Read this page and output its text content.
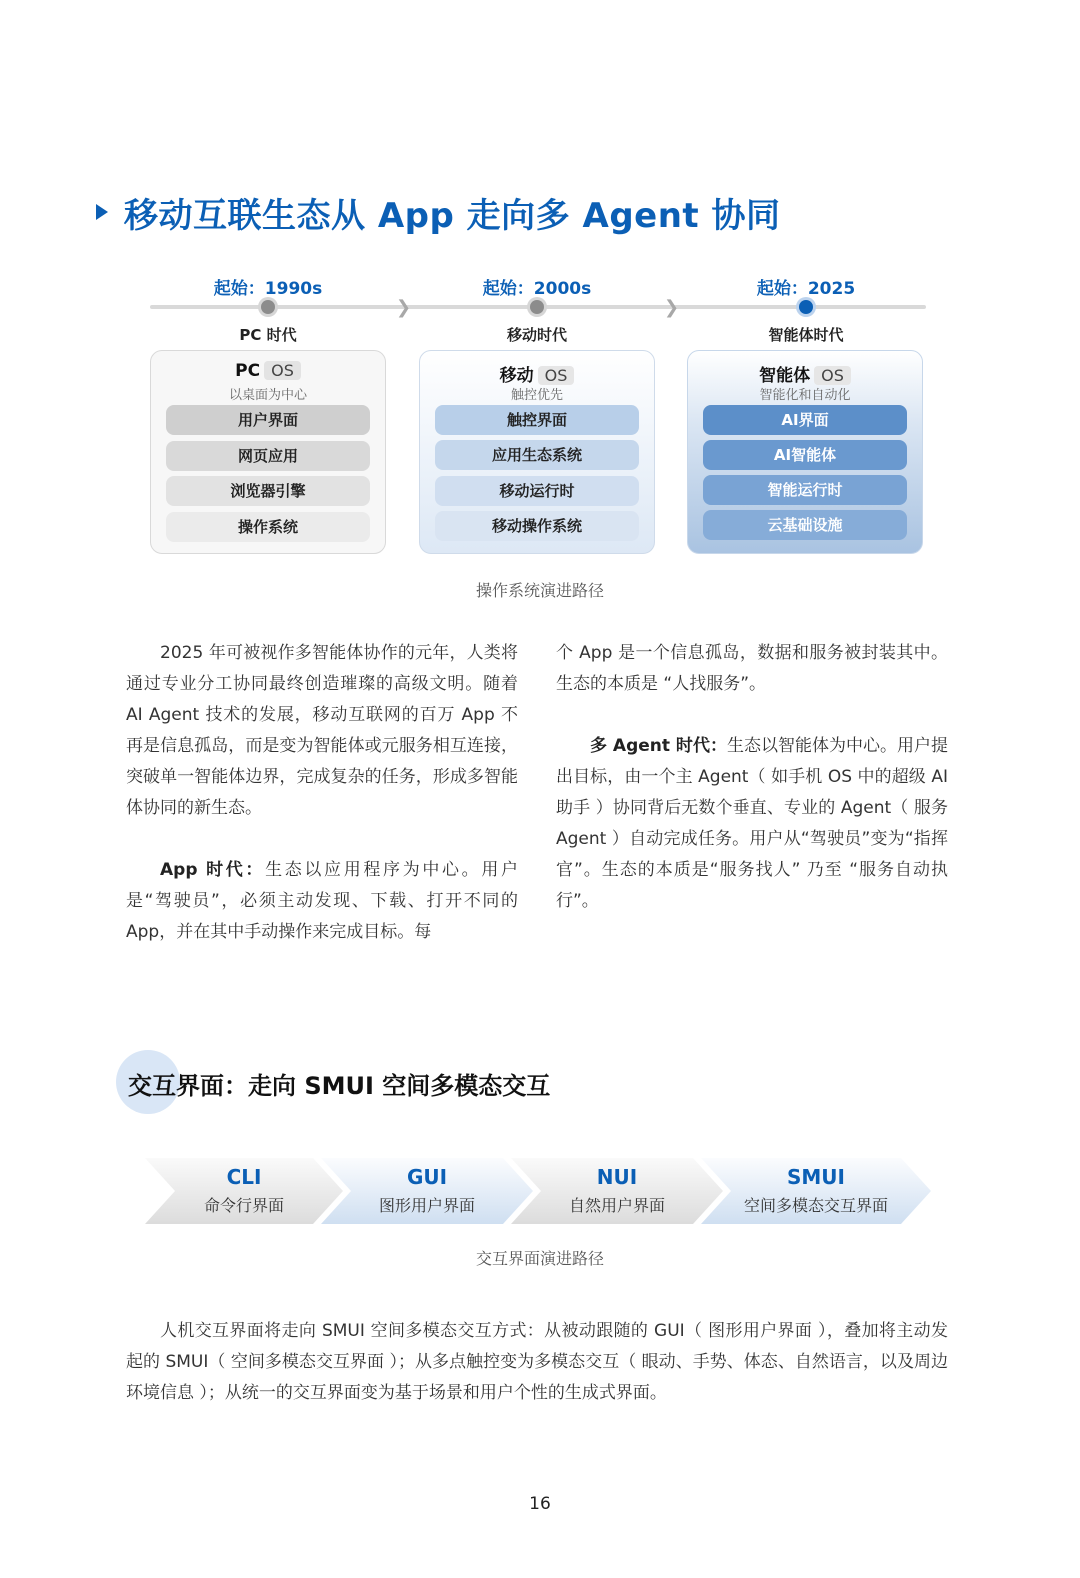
移动互联生态从 App 走向多 Agent 协同
起始：1990s	起始：2000s	起始：2025
❯	❯
PC 时代	移动时代	智能体时代
PC OS
以桌面为中心
用户界面
网页应用
浏览器引擎
操作系统
移动 OS
触控优先
触控界面
应用生态系统
移动运行时
移动操作系统
智能体 OS
智能化和自动化
AI界面
AI智能体
智能运行时
云基础设施
操作系统演进路径

2025 年可被视作多智能体协作的元年，人类将通过专业分工协同最终创造璀璨的高级文明。随着 AI Agent 技术的发展，移动互联网的百万 App 不再是信息孤岛，而是变为智能体或元服务相互连接，突破单一智能体边界，完成复杂的任务，形成多智能体协同的新生态。

App 时代：生态以应用程序为中心。用户是“驾驶员”，必须主动发现、下载、打开不同的 App，并在其中手动操作来完成目标。每

个 App 是一个信息孤岛，数据和服务被封装其中。生态的本质是 “人找服务”。

多 Agent 时代：生态以智能体为中心。用户提出目标，由一个主 Agent（ 如手机 OS 中的超级 AI 助手 ）协同背后无数个垂直、专业的 Agent（ 服务 Agent ）自动完成任务。用户从“驾驶员”变为“指挥官”。生态的本质是“服务找人” 乃至 “服务自动执行”。

交互界面：走向 SMUI 空间多模态交互
CLI
命令行界面
GUI
图形用户界面
NUI
自然用户界面
SMUI
空间多模态交互界面
交互界面演进路径

人机交互界面将走向 SMUI 空间多模态交互方式：从被动跟随的 GUI（ 图形用户界面 ），叠加将主动发起的 SMUI（ 空间多模态交互界面 ）；从多点触控变为多模态交互（ 眼动、手势、体态、自然语言，以及周边环境信息 ）；从统一的交互界面变为基于场景和用户个性的生成式界面。

16
